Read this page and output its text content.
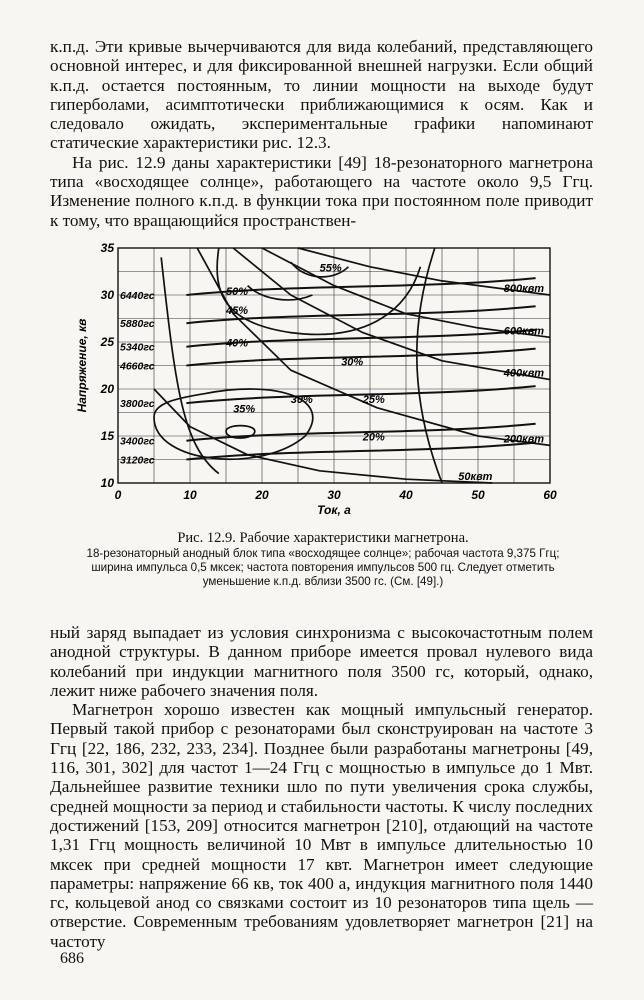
к.п.д. Эти кривые вычерчиваются для вида колебаний, представляющего основной интерес, и для фиксированной внешней нагрузки. Если общий к.п.д. остается постоянным, то линии мощности на выходе будут гиперболами, асимптотически приближающимися к осям. Как и следовало ожидать, экспериментальные графики напоминают статические характеристики рис. 12.3.

На рис. 12.9 даны характеристики [49] 18-резонаторного магнетрона типа «восходящее солнце», работающего на частоте около 9,5 Ггц. Изменение полного к.п.д. в функции тока при постоянном поле приводит к тому, что вращающийся пространствен-

0	10	20	30	40	50	60
10
15
20
25
30
35
Ток, а
Напряжение, кв
6440гс
5880гс
5340гс
4660гс
3800гс
3400гс
3120гс
800квт
600квт
400квт
200квт
50квт
55%
50%
45%
40%
35%
30%
30%
25%
20%
Рис. 12.9. Рабочие характеристики магнетрона.
18-резонаторный анодный блок типа «восходящее солнце»; рабочая частота 9,375 Ггц; ширина импульса 0,5 мксек; частота повторения импульсов 500 гц. Следует отметить уменьшение к.п.д. вблизи 3500 гс. (См. [49].)

ный заряд выпадает из условия синхронизма с высокочастотным полем анодной структуры. В данном приборе имеется провал нулевого вида колебаний при индукции магнитного поля 3500 гс, который, однако, лежит ниже рабочего значения поля.

Магнетрон хорошо известен как мощный импульсный генератор. Первый такой прибор с резонаторами был сконструирован на частоте 3 Ггц [22, 186, 232, 233, 234]. Позднее были разработаны магнетроны [49, 116, 301, 302] для частот 1—24 Ггц с мощностью в импульсе до 1 Мвт. Дальнейшее развитие техники шло по пути увеличения срока службы, средней мощности за период и стабильности частоты. К числу последних достижений [153, 209] относится магнетрон [210], отдающий на частоте 1,31 Ггц мощность величиной 10 Мвт в импульсе длительностью 10 мксек при средней мощности 17 квт. Магнетрон имеет следующие параметры: напряжение 66 кв, ток 400 а, индукция магнитного поля 1440 гс, кольцевой анод со связками состоит из 10 резонаторов типа щель — отверстие. Современным требованиям удовлетворяет магнетрон [21] на частоту

686
